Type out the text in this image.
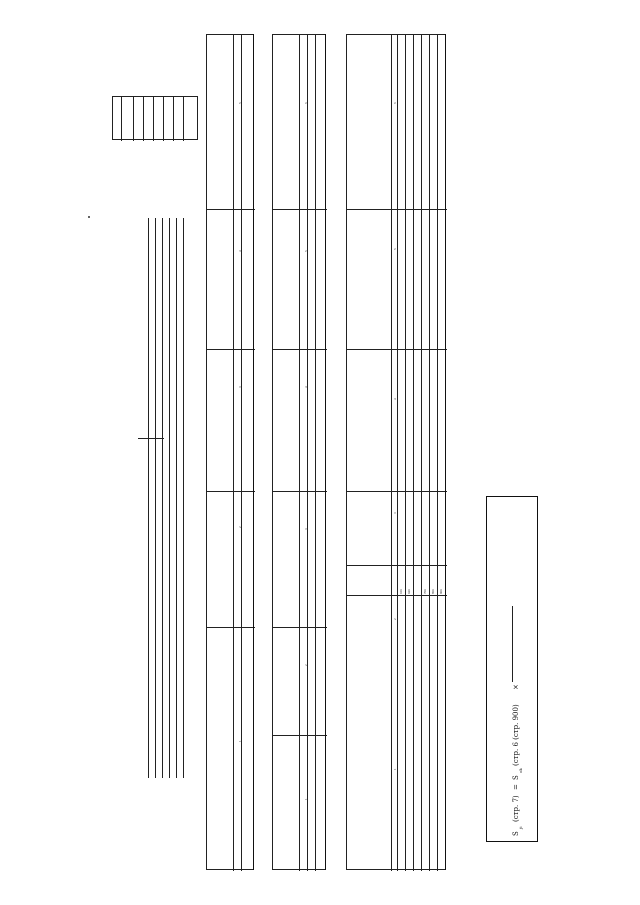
1

2

3

4

5

1

2

3

4

5

6

1

2

3

4

5

6

010 020	700 800 900

S
ji
(стр. 7)
=
S
ok
(стр. 6 (стр. 900)
×
